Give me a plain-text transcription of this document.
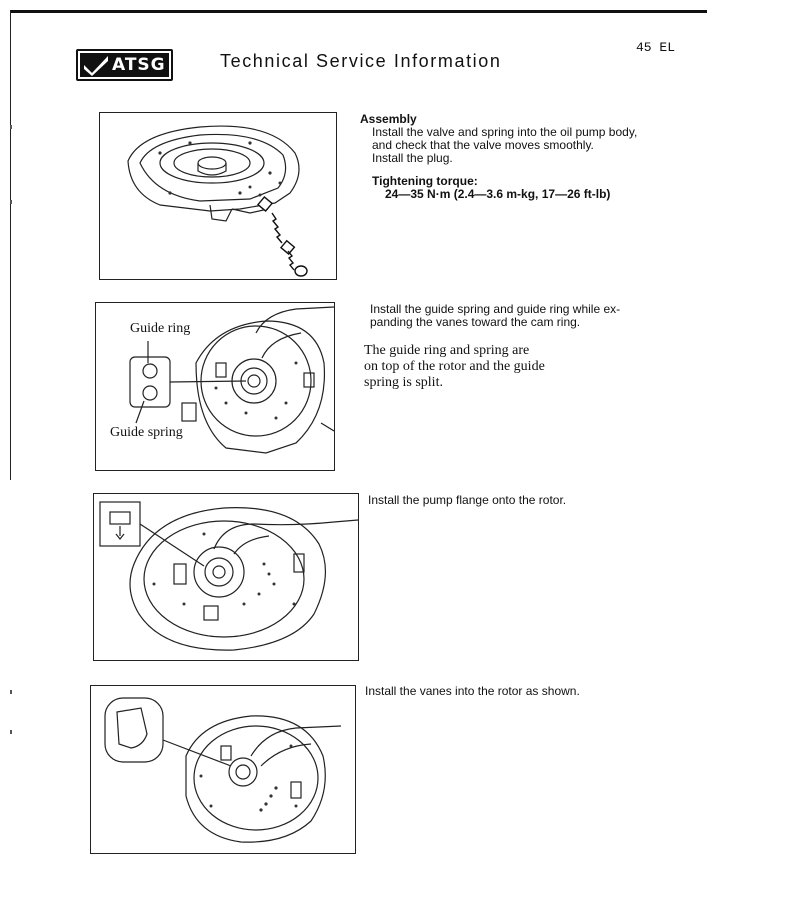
45 EL
ATSG	Technical Service Information
Assembly
Install the valve and spring into the oil pump body,
and check that the valve moves smoothly.
Install the plug.
Tightening torque:
24—35 N·m (2.4—3.6 m-kg, 17—26 ft-lb)
Guide ring
Guide spring
Install the guide spring and guide ring while ex-
panding the vanes toward the cam ring.
The guide ring and spring are
on top of the rotor and the guide
spring is split.
Install the pump flange onto the rotor.
Install the vanes into the rotor as shown.
